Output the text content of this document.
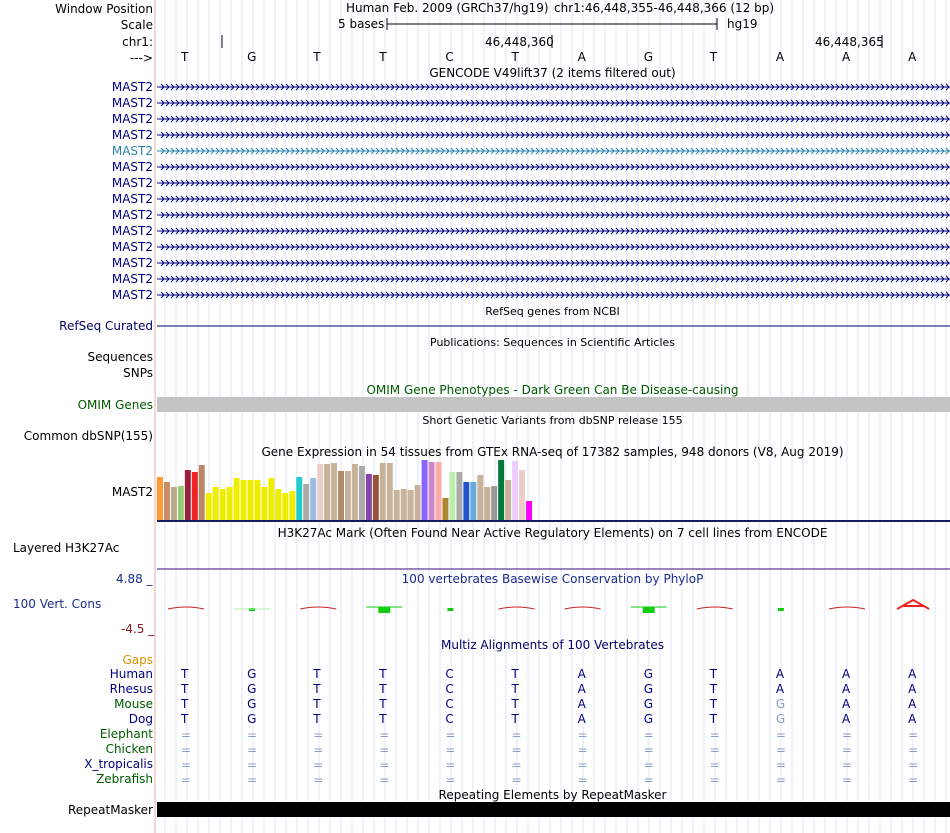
Window Position
Scale
chr1:
--->
Human Feb. 2009 (GRCh37/hg19) chr1:46,448,355-46,448,366 (12 bp)
5 bases	hg19
46,448,360	46,448,365
T	G	T	T	C	T	A	G	T	A	A	A
GENCODE V49lift37 (2 items filtered out)
MAST2
MAST2
MAST2
MAST2
MAST2
MAST2
MAST2
MAST2
MAST2
MAST2
MAST2
MAST2
MAST2
MAST2
RefSeq Curated
RefSeq genes from NCBI
Publications: Sequences in Scientific Articles
Sequences
SNPs
OMIM Gene Phenotypes - Dark Green Can Be Disease-causing
OMIM Genes
Short Genetic Variants from dbSNP release 155
Common dbSNP(155)
Gene Expression in 54 tissues from GTEx RNA-seq of 17382 samples, 948 donors (V8, Aug 2019)
MAST2
H3K27Ac Mark (Often Found Near Active Regulatory Elements) on 7 cell lines from ENCODE
Layered H3K27Ac
4.88 _	100 vertebrates Basewise Conservation by PhyloP
100 Vert. Cons
-4.5 _
Multiz Alignments of 100 Vertebrates
Gaps
Human T	G	T	T	C	T	A	G	T	A	A	A
Rhesus T	G	T	T	C	T	A	G	T	A	A	A
Mouse T	G	T	T	C	T	A	G	T	G	A	A
Dog T	G	T	T	C	T	A	G	T	G	A	A
Elephant =	=	=	=	=	=	=	=	=	=	=	=
Chicken =	=	=	=	=	=	=	=	=	=	=	=
X_tropicalis =	=	=	=	=	=	=	=	=	=	=	=
Zebrafish =	=	=	=	=	=	=	=	=	=	=	=
Repeating Elements by RepeatMasker
RepeatMasker
